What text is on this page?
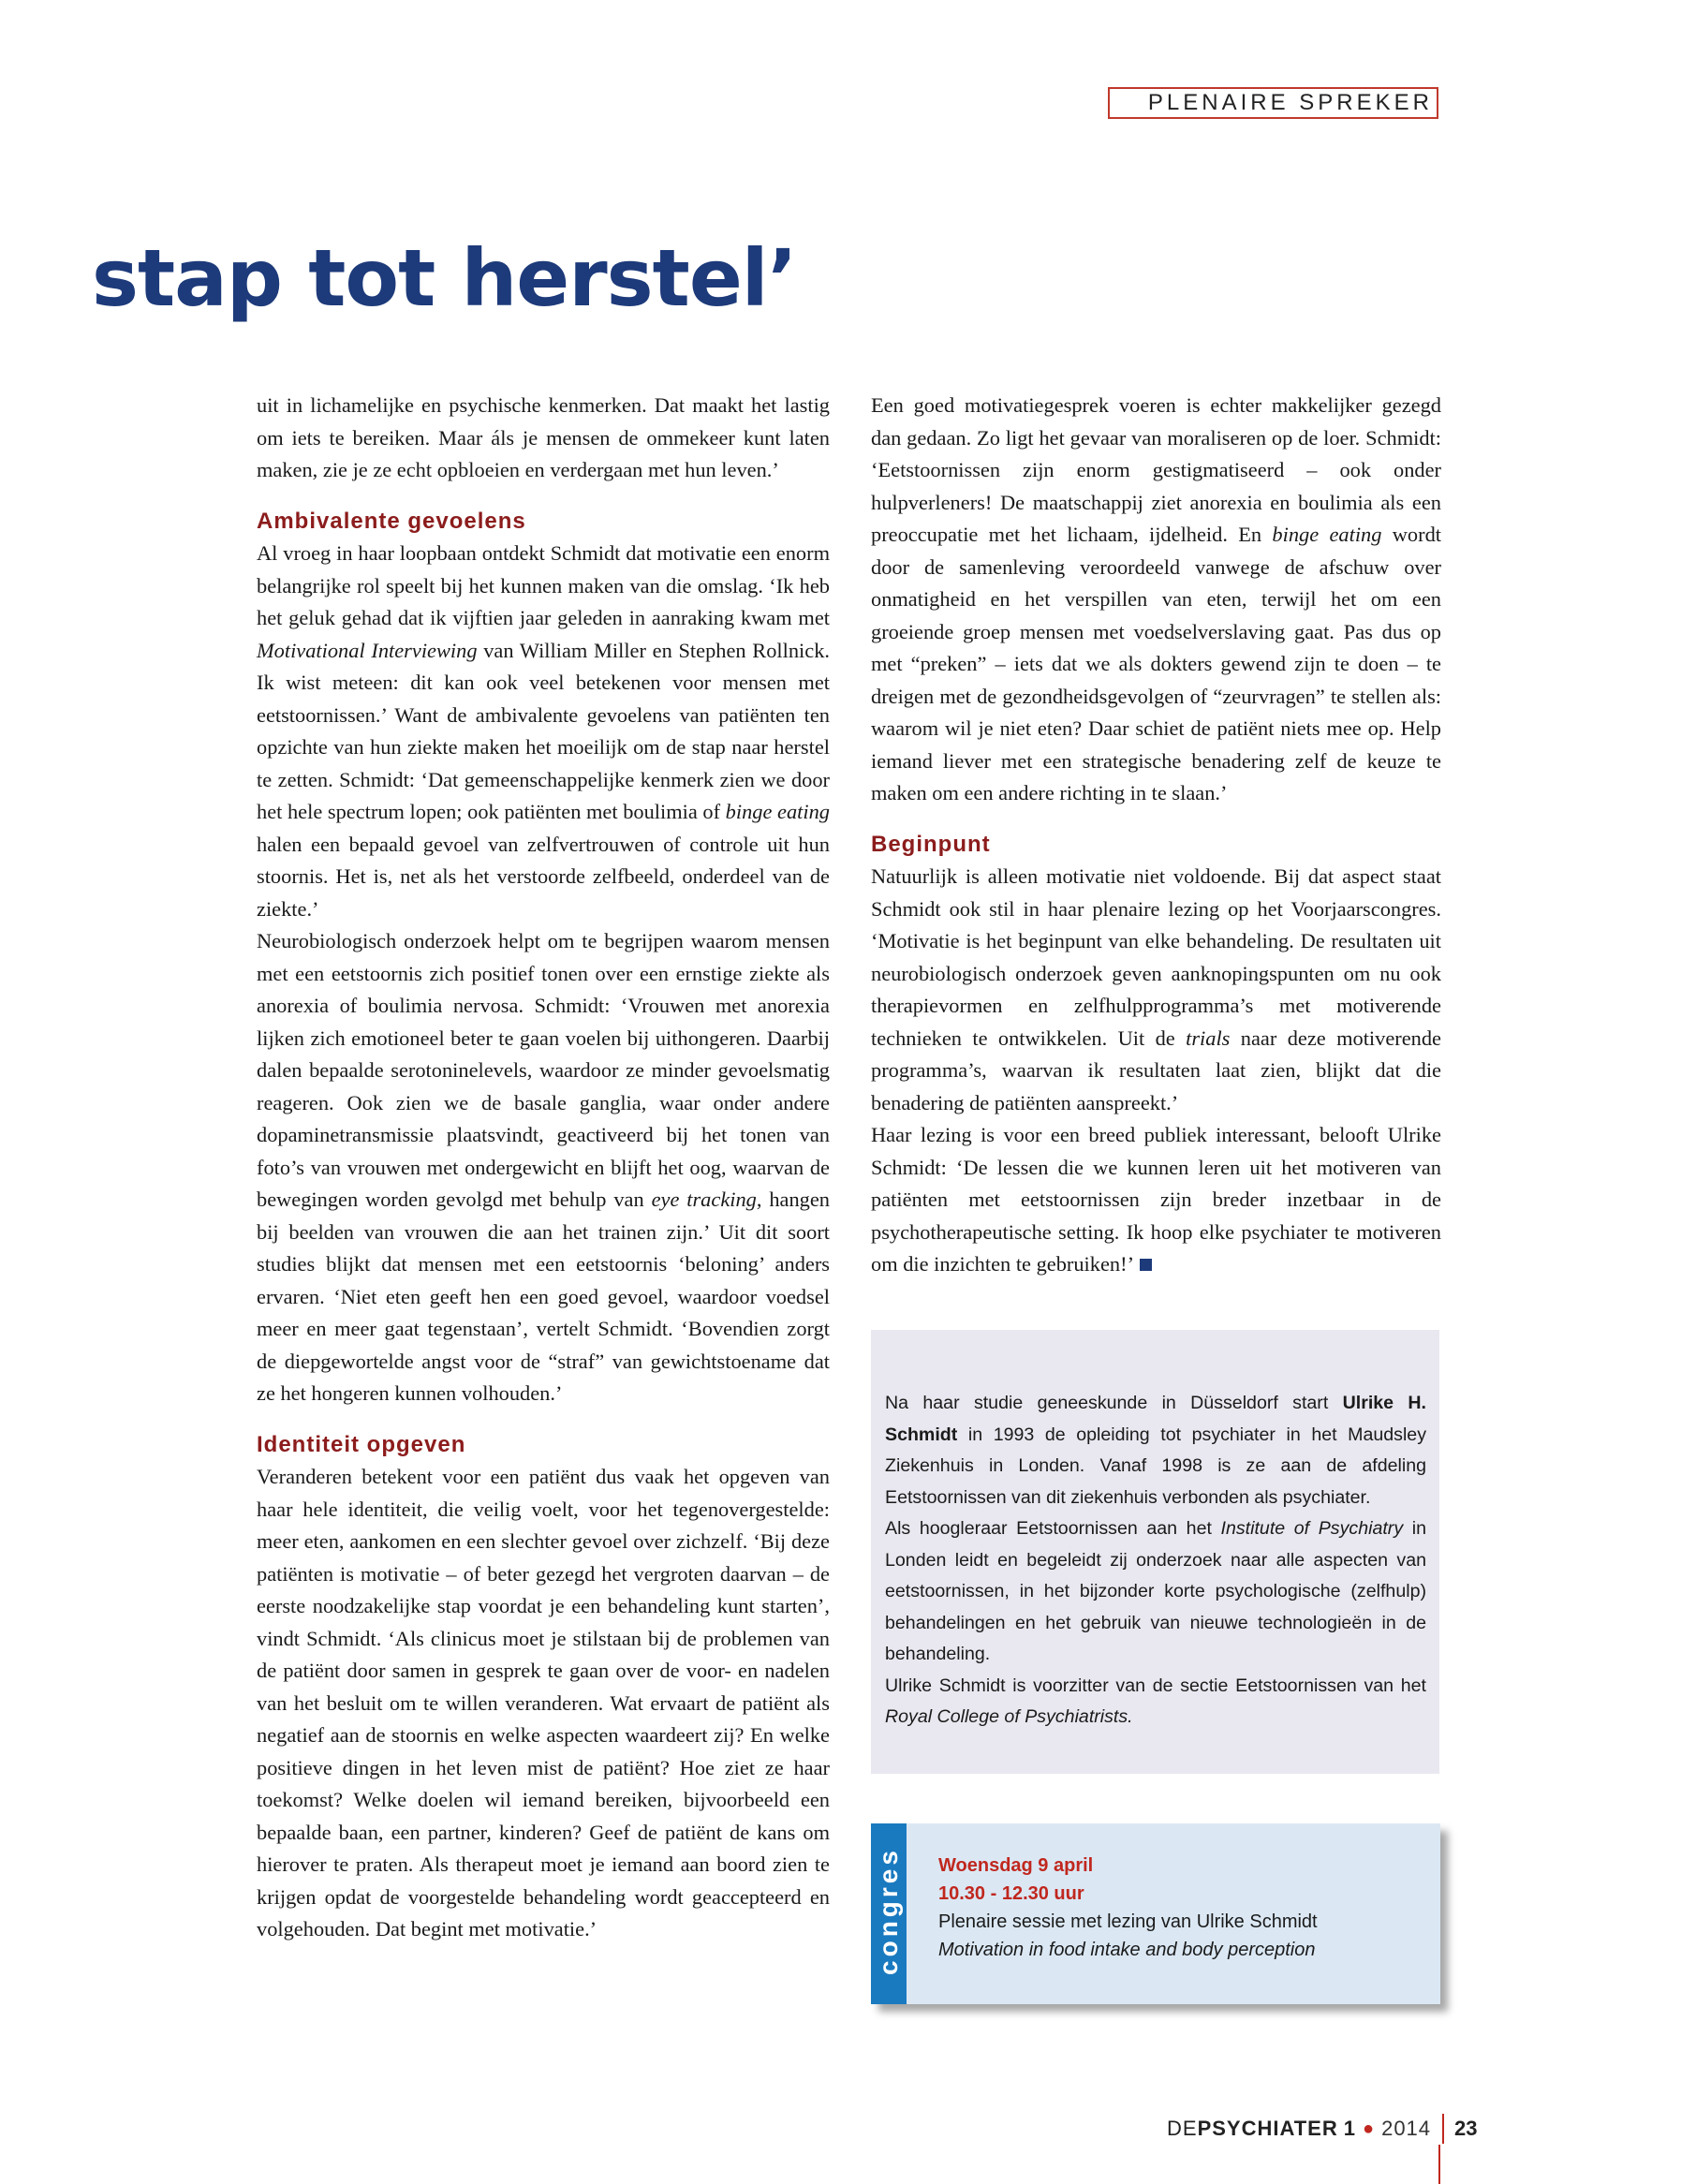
PLENAIRE SPREKER
stap tot herstel’

uit in lichamelijke en psychische kenmerken. Dat maakt het lastig om iets te bereiken. Maar áls je mensen de ommekeer kunt laten maken, zie je ze echt opbloeien en verdergaan met hun leven.’

Ambivalente gevoelens

Al vroeg in haar loopbaan ontdekt Schmidt dat motivatie een enorm belangrijke rol speelt bij het kunnen maken van die omslag. ‘Ik heb het geluk gehad dat ik vijftien jaar geleden in aanraking kwam met Motivational Interviewing van William Miller en Stephen Rollnick. Ik wist meteen: dit kan ook veel betekenen voor mensen met eetstoornissen.’ Want de ambivalente gevoelens van patiënten ten opzichte van hun ziekte maken het moeilijk om de stap naar herstel te zetten. Schmidt: ‘Dat gemeenschappelijke kenmerk zien we door het hele spectrum lopen; ook patiënten met boulimia of binge eating halen een bepaald gevoel van zelfvertrouwen of controle uit hun stoornis. Het is, net als het verstoorde zelfbeeld, onderdeel van de ziekte.’

Neurobiologisch onderzoek helpt om te begrijpen waarom mensen met een eetstoornis zich positief tonen over een ernstige ziekte als anorexia of boulimia nervosa. Schmidt: ‘Vrouwen met anorexia lijken zich emotioneel beter te gaan voelen bij uithongeren. Daarbij dalen bepaalde serotoninelevels, waardoor ze minder gevoelsmatig reageren. Ook zien we de basale ganglia, waar onder andere dopaminetransmissie plaatsvindt, geactiveerd bij het tonen van foto’s van vrouwen met ondergewicht en blijft het oog, waarvan de bewegingen worden gevolgd met behulp van eye tracking, hangen bij beelden van vrouwen die aan het trainen zijn.’ Uit dit soort studies blijkt dat mensen met een eetstoornis ‘beloning’ anders ervaren. ‘Niet eten geeft hen een goed gevoel, waardoor voedsel meer en meer gaat tegenstaan’, vertelt Schmidt. ‘Bovendien zorgt de diepgewortelde angst voor de “straf” van gewichtstoename dat ze het hongeren kunnen volhouden.’

Identiteit opgeven

Veranderen betekent voor een patiënt dus vaak het opgeven van haar hele identiteit, die veilig voelt, voor het tegenovergestelde: meer eten, aankomen en een slechter gevoel over zichzelf. ‘Bij deze patiënten is motivatie – of beter gezegd het vergroten daarvan – de eerste noodzakelijke stap voordat je een behandeling kunt starten’, vindt Schmidt. ‘Als clinicus moet je stilstaan bij de problemen van de patiënt door samen in gesprek te gaan over de voor- en nadelen van het besluit om te willen veranderen. Wat ervaart de patiënt als negatief aan de stoornis en welke aspecten waardeert zij? En welke positieve dingen in het leven mist de patiënt? Hoe ziet ze haar toekomst? Welke doelen wil iemand bereiken, bijvoorbeeld een bepaalde baan, een partner, kinderen? Geef de patiënt de kans om hierover te praten. Als therapeut moet je iemand aan boord zien te krijgen opdat de voorgestelde behandeling wordt geaccepteerd en volgehouden. Dat begint met motivatie.’

Een goed motivatiegesprek voeren is echter makkelijker gezegd dan gedaan. Zo ligt het gevaar van moraliseren op de loer. Schmidt: ‘Eetstoornissen zijn enorm gestigmatiseerd – ook onder hulpverleners! De maatschappij ziet anorexia en boulimia als een preoccupatie met het lichaam, ijdelheid. En binge eating wordt door de samenleving veroordeeld vanwege de afschuw over onmatigheid en het verspillen van eten, terwijl het om een groeiende groep mensen met voedselverslaving gaat. Pas dus op met “preken” – iets dat we als dokters gewend zijn te doen – te dreigen met de gezondheidsgevolgen of “zeurvragen” te stellen als: waarom wil je niet eten? Daar schiet de patiënt niets mee op. Help iemand liever met een strategische benadering zelf de keuze te maken om een andere richting in te slaan.’

Beginpunt

Natuurlijk is alleen motivatie niet voldoende. Bij dat aspect staat Schmidt ook stil in haar plenaire lezing op het Voorjaarscongres. ‘Motivatie is het beginpunt van elke behandeling. De resultaten uit neurobiologisch onderzoek geven aanknopingspunten om nu ook therapievormen en zelfhulpprogramma’s met motiverende technieken te ontwikkelen. Uit de trials naar deze motiverende programma’s, waarvan ik resultaten laat zien, blijkt dat die benadering de patiënten aanspreekt.’

Haar lezing is voor een breed publiek interessant, belooft Ulrike Schmidt: ‘De lessen die we kunnen leren uit het motiveren van patiënten met eetstoornissen zijn breder inzetbaar in de psychotherapeutische setting. Ik hoop elke psychiater te motiveren om die inzichten te gebruiken!’

Na haar studie geneeskunde in Düsseldorf start Ulrike H. Schmidt in 1993 de opleiding tot psychiater in het Maudsley Ziekenhuis in Londen. Vanaf 1998 is ze aan de afdeling Eetstoornissen van dit ziekenhuis verbonden als psychiater.

Als hoogleraar Eetstoornissen aan het Institute of Psychiatry in Londen leidt en begeleidt zij onderzoek naar alle aspecten van eetstoornissen, in het bijzonder korte psychologische (zelfhulp) behandelingen en het gebruik van nieuwe technologieën in de behandeling.

Ulrike Schmidt is voorzitter van de sectie Eetstoornissen van het Royal College of Psychiatrists.

congres Woensdag 9 april
10.30 - 12.30 uur
Plenaire sessie met lezing van Ulrike Schmidt
Motivation in food intake and body perception
DE PSYCHIATER 1 ● 2014 23
